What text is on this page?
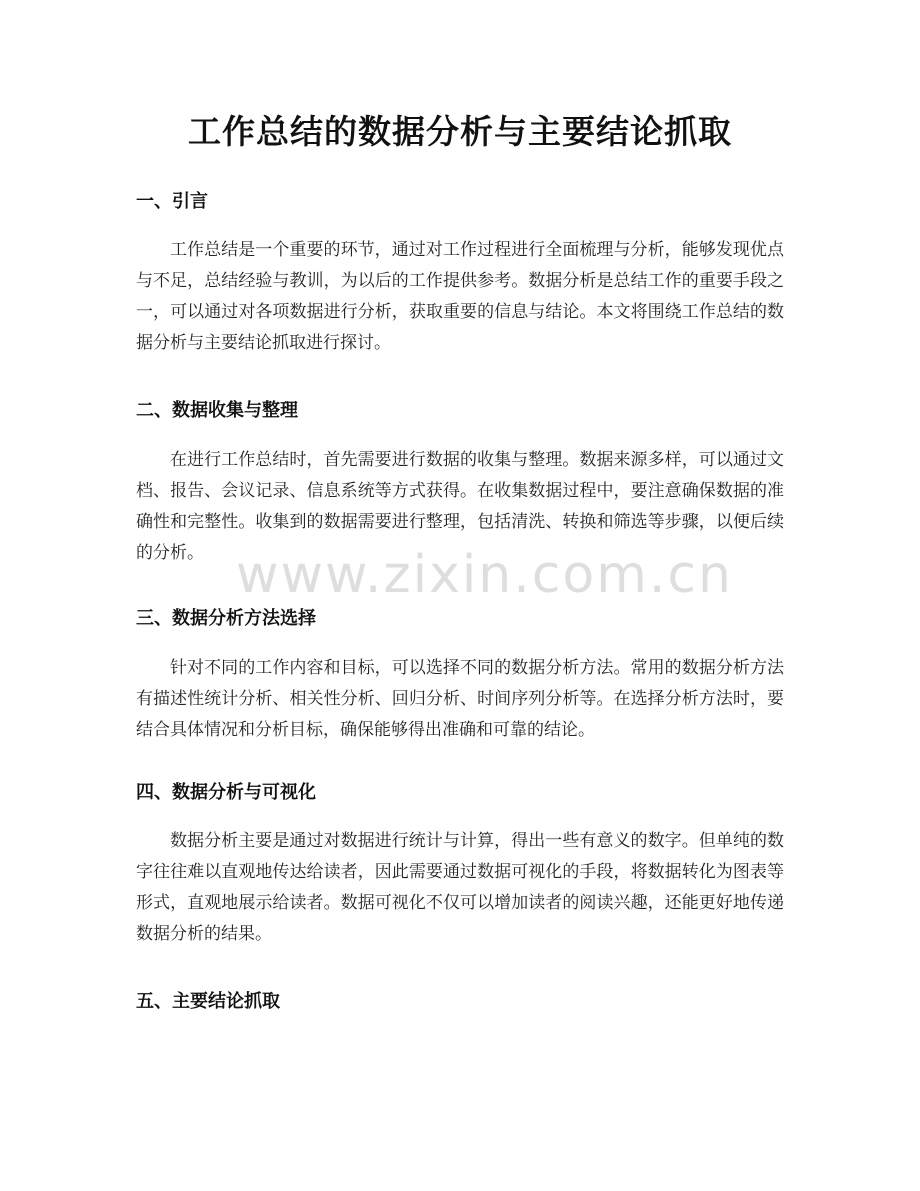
工作总结的数据分析与主要结论抓取
一、引言
工作总结是一个重要的环节，通过对工作过程进行全面梳理与分析，能够发现优点与不足，总结经验与教训，为以后的工作提供参考。数据分析是总结工作的重要手段之一，可以通过对各项数据进行分析，获取重要的信息与结论。本文将围绕工作总结的数据分析与主要结论抓取进行探讨。
二、数据收集与整理
在进行工作总结时，首先需要进行数据的收集与整理。数据来源多样，可以通过文档、报告、会议记录、信息系统等方式获得。在收集数据过程中，要注意确保数据的准确性和完整性。收集到的数据需要进行整理，包括清洗、转换和筛选等步骤，以便后续的分析。
三、数据分析方法选择
针对不同的工作内容和目标，可以选择不同的数据分析方法。常用的数据分析方法有描述性统计分析、相关性分析、回归分析、时间序列分析等。在选择分析方法时，要结合具体情况和分析目标，确保能够得出准确和可靠的结论。
四、数据分析与可视化
数据分析主要是通过对数据进行统计与计算，得出一些有意义的数字。但单纯的数字往往难以直观地传达给读者，因此需要通过数据可视化的手段，将数据转化为图表等形式，直观地展示给读者。数据可视化不仅可以增加读者的阅读兴趣，还能更好地传递数据分析的结果。
五、主要结论抓取
www.zixin.com.cn
